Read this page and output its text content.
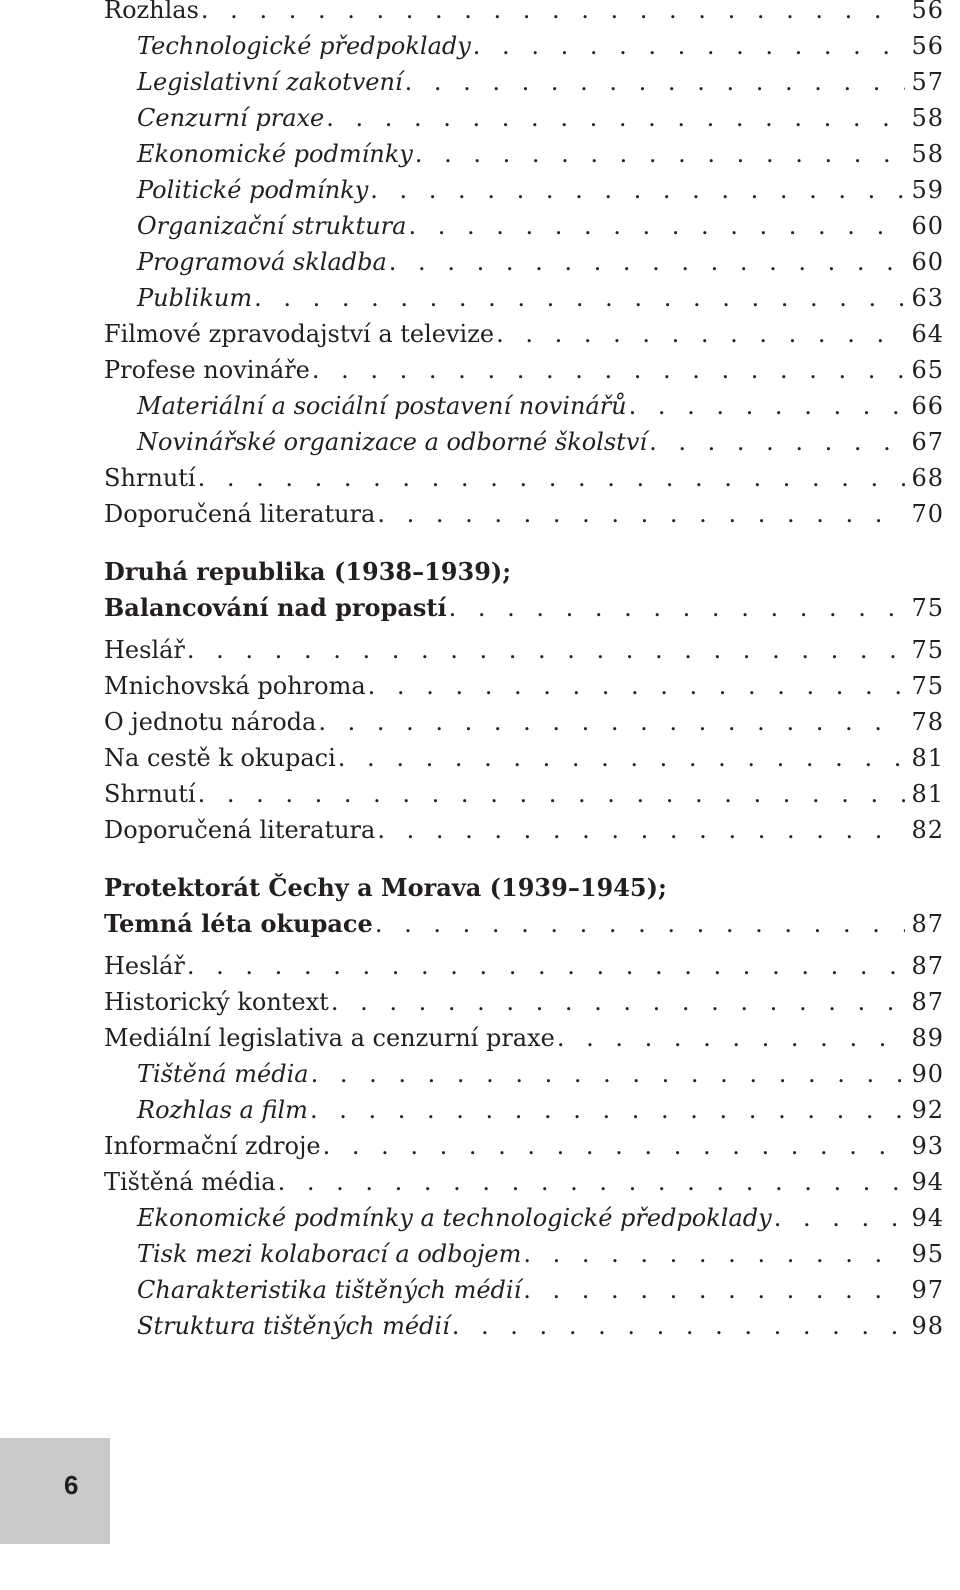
Rozhlas . . .	56
Technologické předpoklady . . .	56
Legislativní zakotvení . . .	57
Cenzurní praxe . . .	58
Ekonomické podmínky . . .	58
Politické podmínky . . .	59
Organizační struktura . . .	60
Programová skladba . . .	60
Publikum . . .	63
Filmové zpravodajství a televize . . .	64
Profese novináře . . .	65
Materiální a sociální postavení novinářů . . .	66
Novinářské organizace a odborné školství . . .	67
Shrnutí . . .	68
Doporučená literatura . . .	70
Druhá republika (1938–1939);
Balancování nad propastí . . .	75
Heslář . . .	75
Mnichovská pohroma . . .	75
O jednotu národa . . .	78
Na cestě k okupaci . . .	81
Shrnutí . . .	81
Doporučená literatura . . .	82
Protektorát Čechy a Morava (1939–1945);
Temná léta okupace . . .	87
Heslář . . .	87
Historický kontext . . .	87
Mediální legislativa a cenzurní praxe . . .	89
Tištěná média . . .	90
Rozhlas a film . . .	92
Informační zdroje . . .	93
Tištěná média . . .	94
Ekonomické podmínky a technologické předpoklady . . .	94
Tisk mezi kolaborací a odbojem . . .	95
Charakteristika tištěných médií . . .	97
Struktura tištěných médií . . .	98
6
